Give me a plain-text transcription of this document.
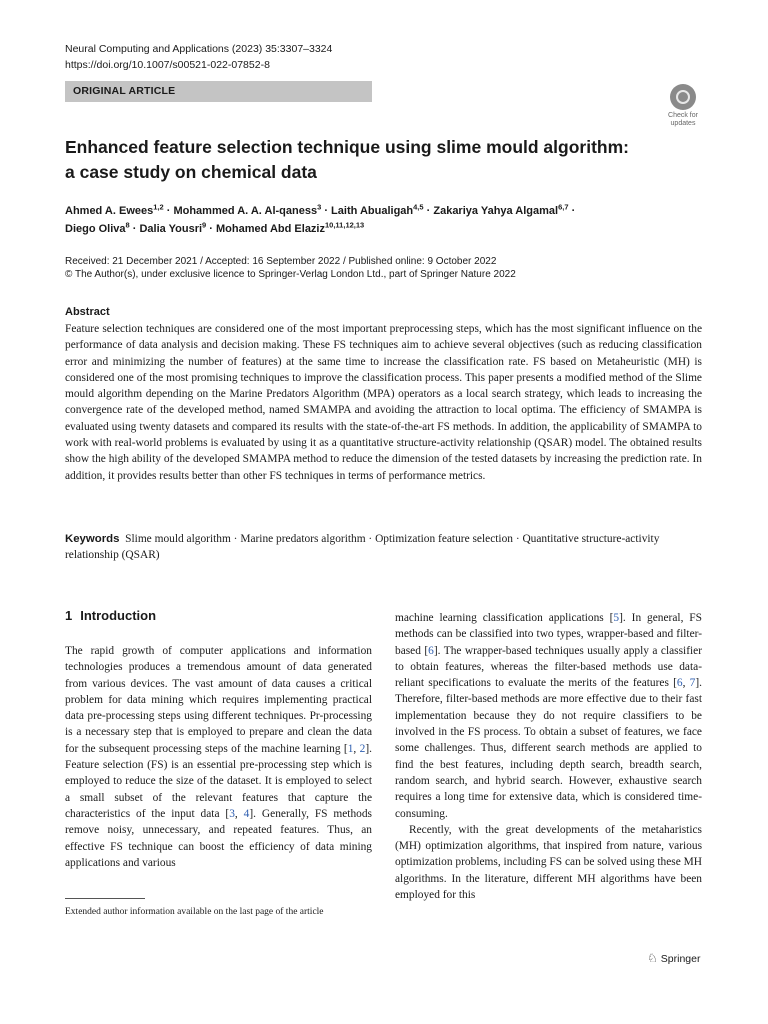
Neural Computing and Applications (2023) 35:3307–3324
https://doi.org/10.1007/s00521-022-07852-8
ORIGINAL ARTICLE
Check for
updates
Enhanced feature selection technique using slime mould algorithm:
a case study on chemical data
Ahmed A. Ewees$^{1,2}$ · Mohammed A. A. Al-qaness$^3$ · Laith Abualigah$^{4,5}$ · Zakariya Yahya Algamal$^{6,7}$ ·
Diego Oliva$^8$ · Dalia Yousri$^9$ · Mohamed Abd Elaziz$^{10,11,12,13}$
Received: 21 December 2021 / Accepted: 16 September 2022 / Published online: 9 October 2022
© The Author(s), under exclusive licence to Springer-Verlag London Ltd., part of Springer Nature 2022
Abstract

Feature selection techniques are considered one of the most important preprocessing steps, which has the most significant influence on the performance of data analysis and decision making. These FS techniques aim to achieve several objectives (such as reducing classification error and minimizing the number of features) at the same time to increase the classification rate. FS based on Metaheuristic (MH) is considered one of the most promising techniques to improve the classification process. This paper presents a modified method of the Slime mould algorithm depending on the Marine Predators Algorithm (MPA) operators as a local search strategy, which leads to increasing the convergence rate of the developed method, named SMAMPA and avoiding the attraction to local optima. The efficiency of SMAMPA is evaluated using twenty datasets and compared its results with the state-of-the-art FS methods. In addition, the applicability of SMAMPA to work with real-world problems is evaluated by using it as a quantitative structure-activity relationship (QSAR) model. The obtained results show the high ability of the developed SMAMPA method to reduce the dimension of the tested datasets by increasing the prediction rate. In addition, it provides results better than other FS techniques in terms of performance metrics.

Keywords Slime mould algorithm · Marine predators algorithm · Optimization feature selection · Quantitative structure-activity relationship (QSAR)
1 Introduction

The rapid growth of computer applications and information technologies produces a tremendous amount of data generated from various devices. The vast amount of data causes a critical problem for data mining which requires implementing practical data pre-processing steps using different techniques. Pr-processing is a necessary step that is employed to prepare and clean the data for the subsequent processing steps of the machine learning [1, 2]. Feature selection (FS) is an essential pre-processing step which is employed to reduce the size of the dataset. It is employed to select a small subset of the relevant features that capture the characteristics of the input data [3, 4]. Generally, FS methods remove noisy, unnecessary, and repeated features. Thus, an effective FS technique can boost the efficiency of data mining applications and various

machine learning classification applications [5]. In general, FS methods can be classified into two types, wrapper-based and filter-based [6]. The wrapper-based techniques usually apply a classifier to obtain features, whereas the filter-based methods use data-reliant specifications to evaluate the merits of the features [6, 7]. Therefore, filter-based methods are more effective due to their fast implementation because they do not require classifiers to be involved in the FS process. To obtain a subset of features, we face some challenges. Thus, different search methods are applied to find the best features, including depth search, breadth search, random search, and hybrid search. However, exhaustive search requires a long time for extensive data, which is considered time-consuming.

Recently, with the great developments of the metaharistics (MH) optimization algorithms, that inspired from nature, various optimization problems, including FS can be solved using these MH algorithms. In the literature, different MH algorithms have been employed for this

Extended author information available on the last page of the article
♘ Springer
